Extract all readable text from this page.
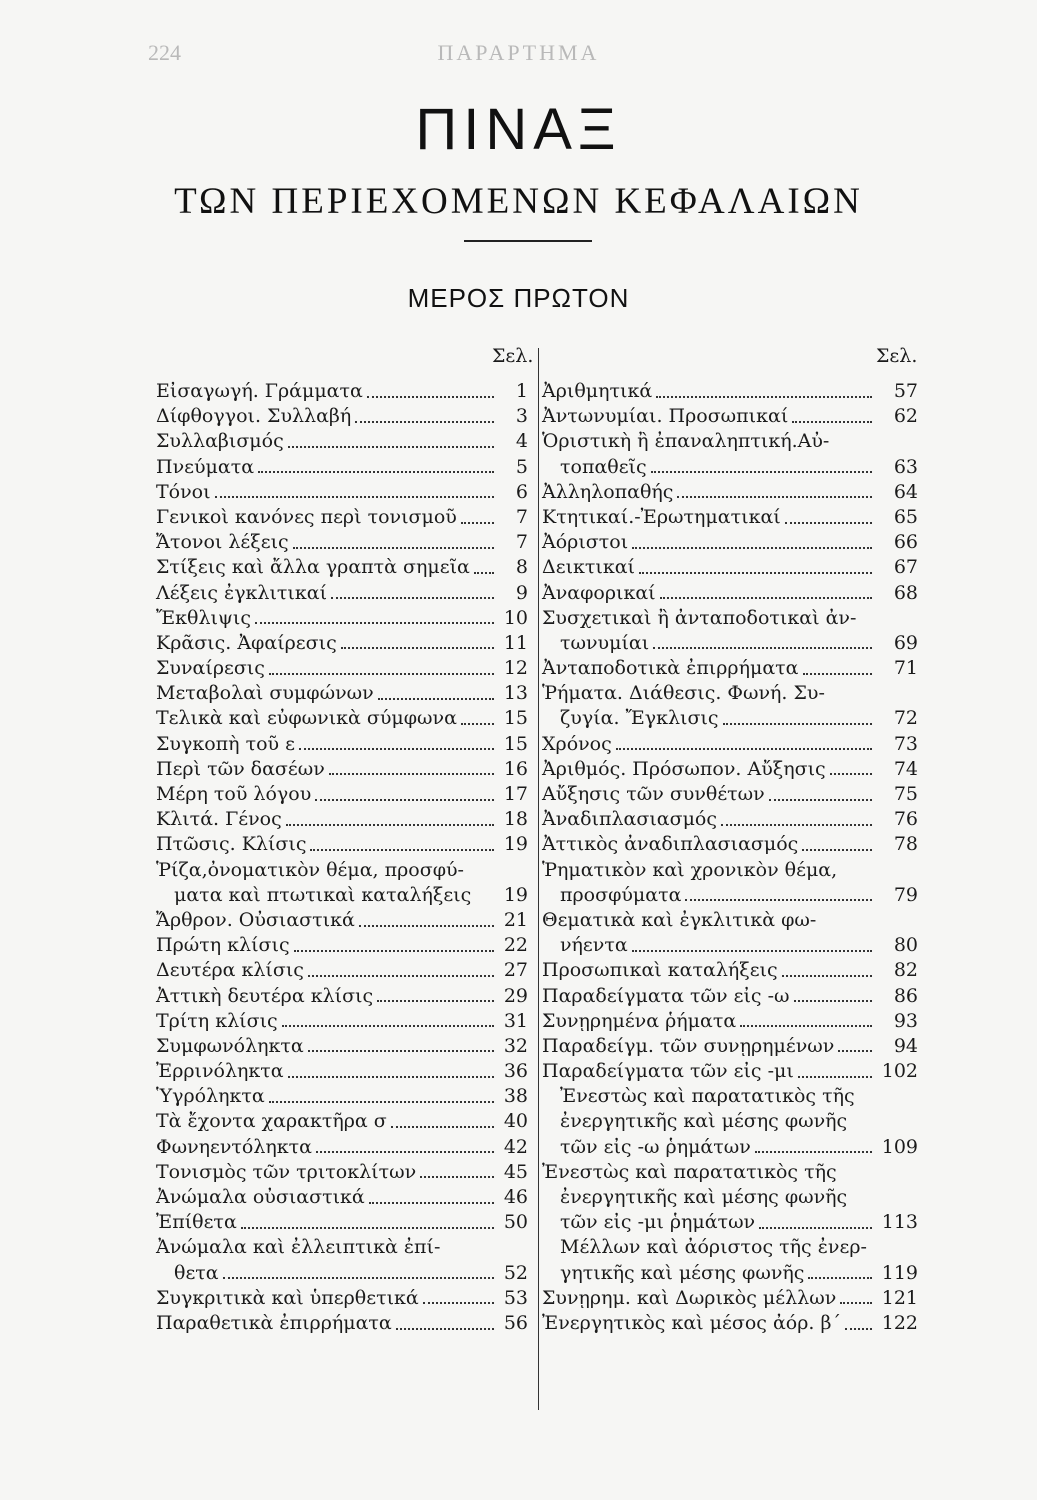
224	ΠΑΡΑΡΤΗΜΑ
ΠΙΝΑΞ
ΤΩΝ ΠΕΡΙΕΧΟΜΕΝΩΝ ΚΕΦΑΛΑΙΩΝ
ΜΕΡΟΣ ΠΡΩΤΟΝ
Σελ.	Σελ.
Εἰσαγωγή. Γράμματα	1
Δίφθογγοι. Συλλαβή	3
Συλλαβισμός	4
Πνεύματα	5
Τόνοι	6
Γενικοὶ κανόνες περὶ τονισμοῦ	7
Ἄτονοι λέξεις	7
Στίξεις καὶ ἄλλα γραπτὰ σημεῖα	8
Λέξεις ἐγκλιτικαί	9
Ἔκθλιψις	10
Κρᾶσις. Ἀφαίρεσις	11
Συναίρεσις	12
Μεταβολαὶ συμφώνων	13
Τελικὰ καὶ εὐφωνικὰ σύμφωνα	15
Συγκοπὴ τοῦ ε	15
Περὶ τῶν δασέων	16
Μέρη τοῦ λόγου	17
Κλιτά. Γένος	18
Πτῶσις. Κλίσις	19
Ῥίζα,ὀνοματικὸν θέμα, προσφύ-
ματα καὶ πτωτικαὶ καταλήξεις	19
Ἄρθρον. Οὐσιαστικά	21
Πρώτη κλίσις	22
Δευτέρα κλίσις	27
Ἀττικὴ δευτέρα κλίσις	29
Τρίτη κλίσις	31
Συμφωνόληκτα	32
Ἐρρινόληκτα	36
Ὑγρόληκτα	38
Τὰ ἔχοντα χαρακτῆρα σ	40
Φωνηεντόληκτα	42
Τονισμὸς τῶν τριτοκλίτων	45
Ἀνώμαλα οὐσιαστικά	46
Ἐπίθετα	50
Ἀνώμαλα καὶ ἐλλειπτικὰ ἐπί-
θετα	52
Συγκριτικὰ καὶ ὑπερθετικά	53
Παραθετικὰ ἐπιρρήματα	56
Ἀριθμητικά	57
Ἀντωνυμίαι. Προσωπικαί	62
Ὁριστικὴ ἢ ἐπαναληπτική.Αὐ-
τοπαθεῖς	63
Ἀλληλοπαθής	64
Κτητικαί.-Ἐρωτηματικαί	65
Ἀόριστοι	66
Δεικτικαί	67
Ἀναφορικαί	68
Συσχετικαὶ ἢ ἀνταποδοτικαὶ ἀν-
τωνυμίαι	69
Ἀνταποδοτικὰ ἐπιρρήματα	71
Ῥήματα. Διάθεσις. Φωνή. Συ-
ζυγία. Ἔγκλισις	72
Χρόνος	73
Ἀριθμός. Πρόσωπον. Αὔξησις	74
Αὔξησις τῶν συνθέτων	75
Ἀναδιπλασιασμός	76
Ἀττικὸς ἀναδιπλασιασμός	78
Ῥηματικὸν καὶ χρονικὸν θέμα,
προσφύματα	79
Θεματικὰ καὶ ἐγκλιτικὰ φω-
νήεντα	80
Προσωπικαὶ καταλήξεις	82
Παραδείγματα τῶν εἰς -ω	86
Συνῃρημένα ῥήματα	93
Παραδείγμ. τῶν συνῃρημένων	94
Παραδείγματα τῶν εἰς -μι	102
Ἐνεστὼς καὶ παρατατικὸς τῆς
ἐνεργητικῆς καὶ μέσης φωνῆς
τῶν εἰς -ω ῥημάτων	109
Ἐνεστὼς καὶ παρατατικὸς τῆς
ἐνεργητικῆς καὶ μέσης φωνῆς
τῶν εἰς -μι ῥημάτων	113
Μέλλων καὶ ἀόριστος τῆς ἐνερ-
γητικῆς καὶ μέσης φωνῆς	119
Συνῃρημ. καὶ Δωρικὸς μέλλων	121
Ἐνεργητικὸς καὶ μέσος ἀόρ. β΄	122
